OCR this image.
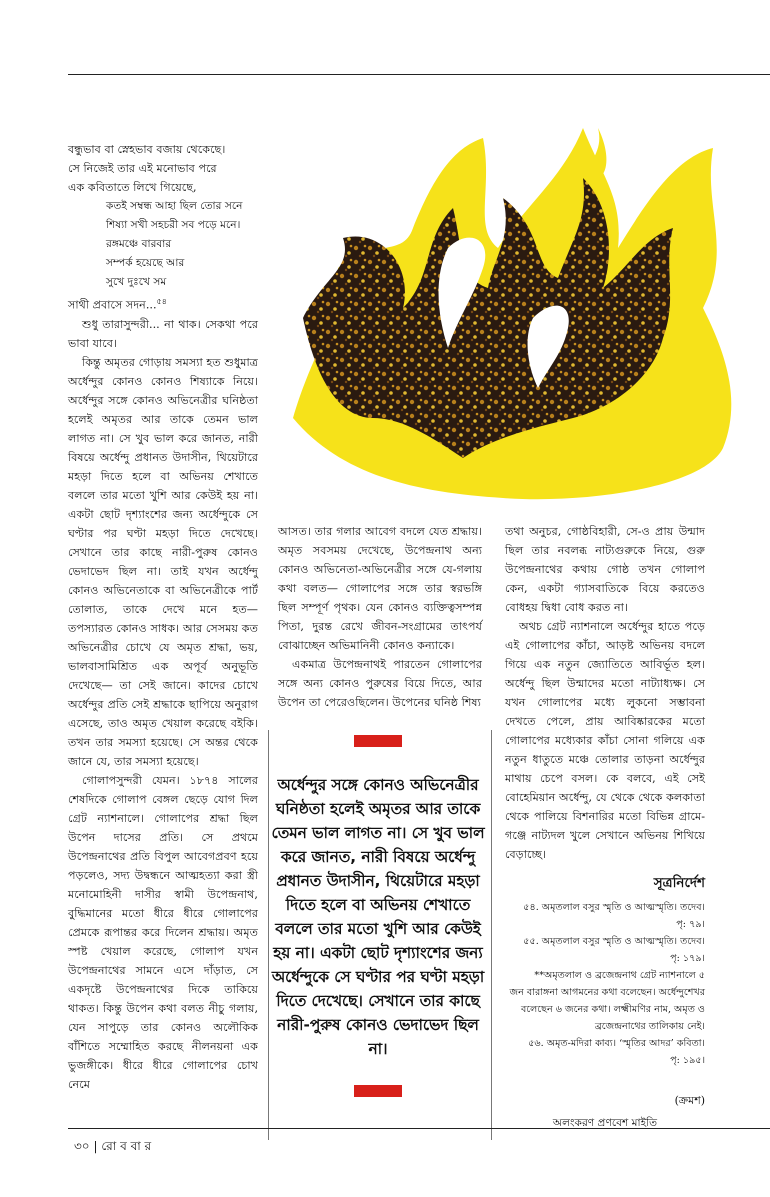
বন্ধুভাব বা স্নেহভাব বজায় থেকেছে।
সে নিজেই তার এই মনোভাব পরে
এক কবিতাতে লিখে গিয়েছে,
কতই সম্বন্ধ আহা ছিল তোর সনে
শিষ্যা সখী সহচরী সব পড়ে মনে।
রঙ্গমঞ্চে বারবার
সম্পর্ক হয়েছে আর
সুখে দুঃখে সম
সাথী প্রবাসে সদন...$^{৫৪}$

শুধু তারাসুন্দরী... না থাক। সেকথা পরে ভাবা যাবে।

কিন্তু অমৃতর গোড়ায় সমস্যা হত শুধুমাত্র অর্ধেন্দুর কোনও কোনও শিষ্যাকে নিয়ে। অর্ধেন্দুর সঙ্গে কোনও অভিনেত্রীর ঘনিষ্ঠতা হলেই অমৃতর আর তাকে তেমন ভাল লাগত না। সে খুব ভাল করে জানত, নারী বিষয়ে অর্ধেন্দু প্রধানত উদাসীন, থিয়েটারে মহড়া দিতে হলে বা অভিনয় শেখাতে বললে তার মতো খুশি আর কেউই হয় না। একটা ছোট দৃশ্যাংশের জন্য অর্ধেন্দুকে সে ঘণ্টার পর ঘণ্টা মহড়া দিতে দেখেছে। সেখানে তার কাছে নারী-পুরুষ কোনও ভেদাভেদ ছিল না। তাই যখন অর্ধেন্দু কোনও অভিনেতাকে বা অভিনেত্রীকে পার্ট তোলাত, তাকে দেখে মনে হত— তপস্যারত কোনও সাধক। আর সেসময় কত অভিনেত্রীর চোখে যে অমৃত শ্রদ্ধা, ভয়, ভালবাসামিশ্রিত এক অপূর্ব অনুভূতি দেখেছে— তা সেই জানে। কাদের চোখে অর্ধেন্দুর প্রতি সেই শ্রদ্ধাকে ছাপিয়ে অনুরাগ এসেছে, তাও অমৃত খেয়াল করেছে বইকি। তখন তার সমস্যা হয়েছে। সে অন্তর থেকে জানে যে, তার সমস্যা হয়েছে।

গোলাপসুন্দরী যেমন। ১৮৭৪ সালের শেষদিকে গোলাপ বেঙ্গল ছেড়ে যোগ দিল গ্রেট ন্যাশনালে। গোলাপের শ্রদ্ধা ছিল উপেন দাসের প্রতি। সে প্রথমে উপেন্দ্রনাথের প্রতি বিপুল আবেগপ্রবণ হয়ে পড়লেও, সদ্য উদ্বন্ধনে আত্মহত্যা করা স্ত্রী মনোমোহিনী দাসীর স্বামী উপেন্দ্রনাথ, বুদ্ধিমানের মতো ধীরে ধীরে গোলাপের প্রেমকে রূপান্তর করে দিলেন শ্রদ্ধায়। অমৃত স্পষ্ট খেয়াল করেছে, গোলাপ যখন উপেন্দ্রনাথের সামনে এসে দাঁড়াত, সে একদৃষ্টে উপেন্দ্রনাথের দিকে তাকিয়ে থাকত। কিন্তু উপেন কথা বলত নীচু গলায়, যেন সাপুড়ে তার কোনও অলৌকিক বাঁশিতে সম্মোহিত করছে নীলনয়না এক ভুজঙ্গীকে। ধীরে ধীরে গোলাপের চোখ নেমে

আসত। তার গলার আবেগ বদলে যেত শ্রদ্ধায়। অমৃত সবসময় দেখেছে, উপেন্দ্রনাথ অন্য কোনও অভিনেতা-অভিনেত্রীর সঙ্গে যে-গলায় কথা বলত— গোলাপের সঙ্গে তার স্বরভঙ্গি ছিল সম্পূর্ণ পৃথক। যেন কোনও ব্যক্তিত্বসম্পন্ন পিতা, দুরন্ত রেখে জীবন-সংগ্রামের তাৎপর্য বোঝাচ্ছেন অভিমানিনী কোনও কন্যাকে।

একমাত্র উপেন্দ্রনাথই পারতেন গোলাপের সঙ্গে অন্য কোনও পুরুষের বিয়ে দিতে, আর উপেন তা পেরেওছিলেন। উপেনের ঘনিষ্ঠ শিষ্য

অর্ধেন্দুর সঙ্গে কোনও অভিনেত্রীর ঘনিষ্ঠতা হলেই অমৃতর আর তাকে তেমন ভাল লাগত না। সে খুব ভাল করে জানত, নারী বিষয়ে অর্ধেন্দু প্রধানত উদাসীন, থিয়েটারে মহড়া দিতে হলে বা অভিনয় শেখাতে বললে তার মতো খুশি আর কেউই হয় না। একটা ছোট দৃশ্যাংশের জন্য অর্ধেন্দুকে সে ঘণ্টার পর ঘণ্টা মহড়া দিতে দেখেছে। সেখানে তার কাছে নারী-পুরুষ কোনও ভেদাভেদ ছিল না।

তথা অনুচর, গোষ্ঠবিহারী, সে-ও প্রায় উন্মাদ ছিল তার নবলব্ধ নাট্যগুরুকে নিয়ে, গুরু উপেন্দ্রনাথের কথায় গোষ্ঠ তখন গোলাপ কেন, একটা গ্যাসবাতিকে বিয়ে করতেও বোধহয় দ্বিধা বোধ করত না।

অথচ গ্রেট ন্যাশনালে অর্ধেন্দুর হাতে পড়ে এই গোলাপের কাঁচা, আড়ষ্ট অভিনয় বদলে গিয়ে এক নতুন জ্যোতিতে আবির্ভূত হল। অর্ধেন্দু ছিল উন্মাদের মতো নাট্যাধ্যক্ষ। সে যখন গোলাপের মধ্যে লুকনো সম্ভাবনা দেখতে পেলে, প্রায় আবিষ্কারকের মতো গোলাপের মধ্যেকার কাঁচা সোনা গলিয়ে এক নতুন ধাতুতে মঞ্চে তোলার তাড়না অর্ধেন্দুর মাথায় চেপে বসল। কে বলবে, এই সেই বোহেমিয়ান অর্ধেন্দু, যে থেকে থেকে কলকাতা থেকে পালিয়ে বিশনারির মতো বিভিন্ন গ্রামে-গঞ্জে নাট্যদল খুলে সেখানে অভিনয় শিখিয়ে বেড়াচ্ছে।

সূত্রনির্দেশ

৫৪. অমৃতলাল বসুর স্মৃতি ও আত্মস্মৃতি। তদেব। পৃ: ৭৯।

৫৫. অমৃতলাল বসুর স্মৃতি ও আত্মস্মৃতি। তদেব। পৃ: ১৭৯।

**অমৃতলাল ও ব্রজেন্দ্রনাথ গ্রেট ন্যাশনালে ৫ জন বারাঙ্গনা আগমনের কথা বলেছেন। অর্ধেন্দুশেখর বলেছেন ৬ জনের কথা। লক্ষ্মীমণির নাম, অমৃত ও ব্রজেন্দ্রনাথের তালিকায় নেই।

৫৬. অমৃত-মদিরা কাব্য। ‘স্মৃতির আদর’ কবিতা। পৃ: ১৯৫।

(ক্রমশ)
অলংকরণ প্রণবেশ মাইতি
৩০ | রো ব বা র
